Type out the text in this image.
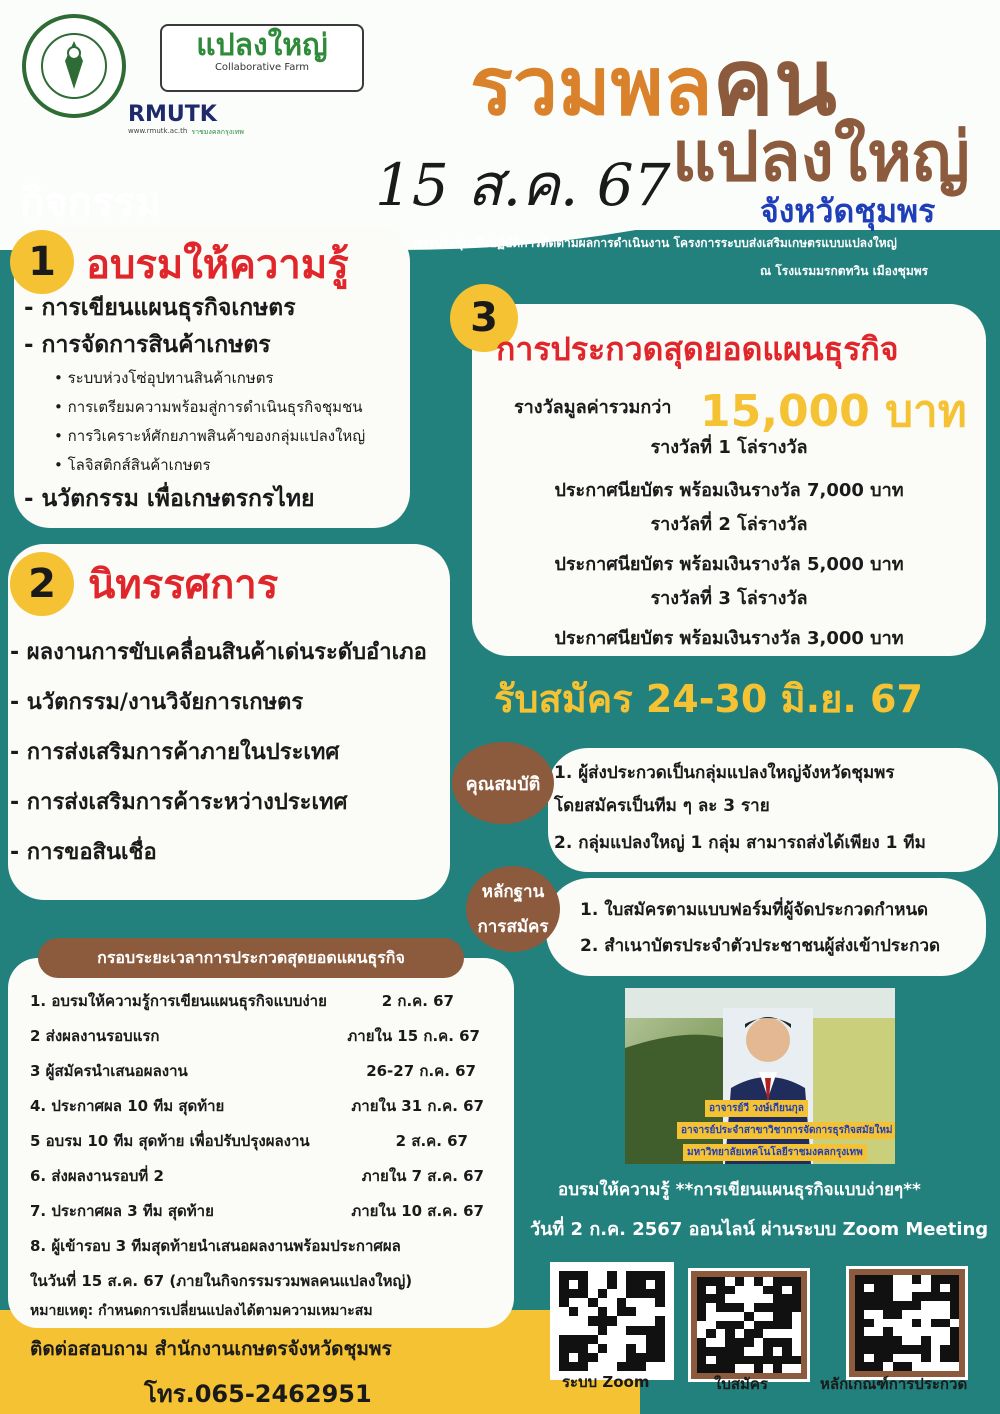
แปลงใหญ่
Collaborative Farm
RMUTK
www.rmutk.ac.th ราชมงคลกรุงเทพ	รวมพลคน
15 ส.ค. 67 แปลงใหญ่
จังหวัดชุมพร
การประชุมเชิงปฏิบัติการติดตามผลการดำเนินงาน โครงการระบบส่งเสริมเกษตรแบบแปลงใหญ่
ณ โรงแรมมรกตทวิน เมืองชุมพร
กิจกรรม
1 อบรมให้ความรู้
- การเขียนแผนธุรกิจเกษตร
- การจัดการสินค้าเกษตร
• ระบบห่วงโซ่อุปทานสินค้าเกษตร
• การเตรียมความพร้อมสู่การดำเนินธุรกิจชุมชน
• การวิเคราะห์ศักยภาพสินค้าของกลุ่มแปลงใหญ่
• โลจิสติกส์สินค้าเกษตร
- นวัตกรรม เพื่อเกษตรกรไทย
2 นิทรรศการ
- ผลงานการขับเคลื่อนสินค้าเด่นระดับอำเภอ
- นวัตกรรม/งานวิจัยการเกษตร
- การส่งเสริมการค้าภายในประเทศ
- การส่งเสริมการค้าระหว่างประเทศ
- การขอสินเชื่อ
3
การประกวดสุดยอดแผนธุรกิจ
รางวัลมูลค่ารวมกว่า 15,000 บาท
รางวัลที่ 1 โล่รางวัล
ประกาศนียบัตร พร้อมเงินรางวัล 7,000 บาท
รางวัลที่ 2 โล่รางวัล
ประกาศนียบัตร พร้อมเงินรางวัล 5,000 บาท
รางวัลที่ 3 โล่รางวัล
ประกาศนียบัตร พร้อมเงินรางวัล 3,000 บาท
รับสมัคร 24-30 มิ.ย. 67
คุณสมบัติ
1. ผู้ส่งประกวดเป็นกลุ่มแปลงใหญ่จังหวัดชุมพร
โดยสมัครเป็นทีม ๆ ละ 3 ราย
2. กลุ่มแปลงใหญ่ 1 กลุ่ม สามารถส่งได้เพียง 1 ทีม
หลักฐาน
การสมัคร
1. ใบสมัครตามแบบฟอร์มที่ผู้จัดประกวดกำหนด
2. สำเนาบัตรประจำตัวประชาชนผู้ส่งเข้าประกวด
กรอบระยะเวลาการประกวดสุดยอดแผนธุรกิจ
1. อบรมให้ความรู้การเขียนแผนธุรกิจแบบง่าย	2 ก.ค. 67
2 ส่งผลงานรอบแรก	ภายใน 15 ก.ค. 67
3 ผู้สมัครนำเสนอผลงาน	26-27 ก.ค. 67
4. ประกาศผล 10 ทีม สุดท้าย	ภายใน 31 ก.ค. 67
5 อบรม 10 ทีม สุดท้าย เพื่อปรับปรุงผลงาน	2 ส.ค. 67
6. ส่งผลงานรอบที่ 2	ภายใน 7 ส.ค. 67
7. ประกาศผล 3 ทีม สุดท้าย	ภายใน 10 ส.ค. 67
8. ผู้เข้ารอบ 3 ทีมสุดท้ายนำเสนอผลงานพร้อมประกาศผล
ในวันที่ 15 ส.ค. 67 (ภายในกิจกรรมรวมพลคนแปลงใหญ่)
หมายเหตุ: กำหนดการเปลี่ยนแปลงได้ตามความเหมาะสม
ติดต่อสอบถาม สำนักงานเกษตรจังหวัดชุมพร
โทร.065-2462951
อาจารย์วี วงษ์เกียนกุล
อาจารย์ประจำสาขาวิชาการจัดการธุรกิจสมัยใหม่
มหาวิทยาลัยเทคโนโลยีราชมงคลกรุงเทพ
อบรมให้ความรู้ **การเขียนแผนธุรกิจแบบง่ายๆ**
วันที่ 2 ก.ค. 2567 ออนไลน์ ผ่านระบบ Zoom Meeting
ระบบ Zoom	ใบสมัคร	หลักเกณฑ์การประกวด
